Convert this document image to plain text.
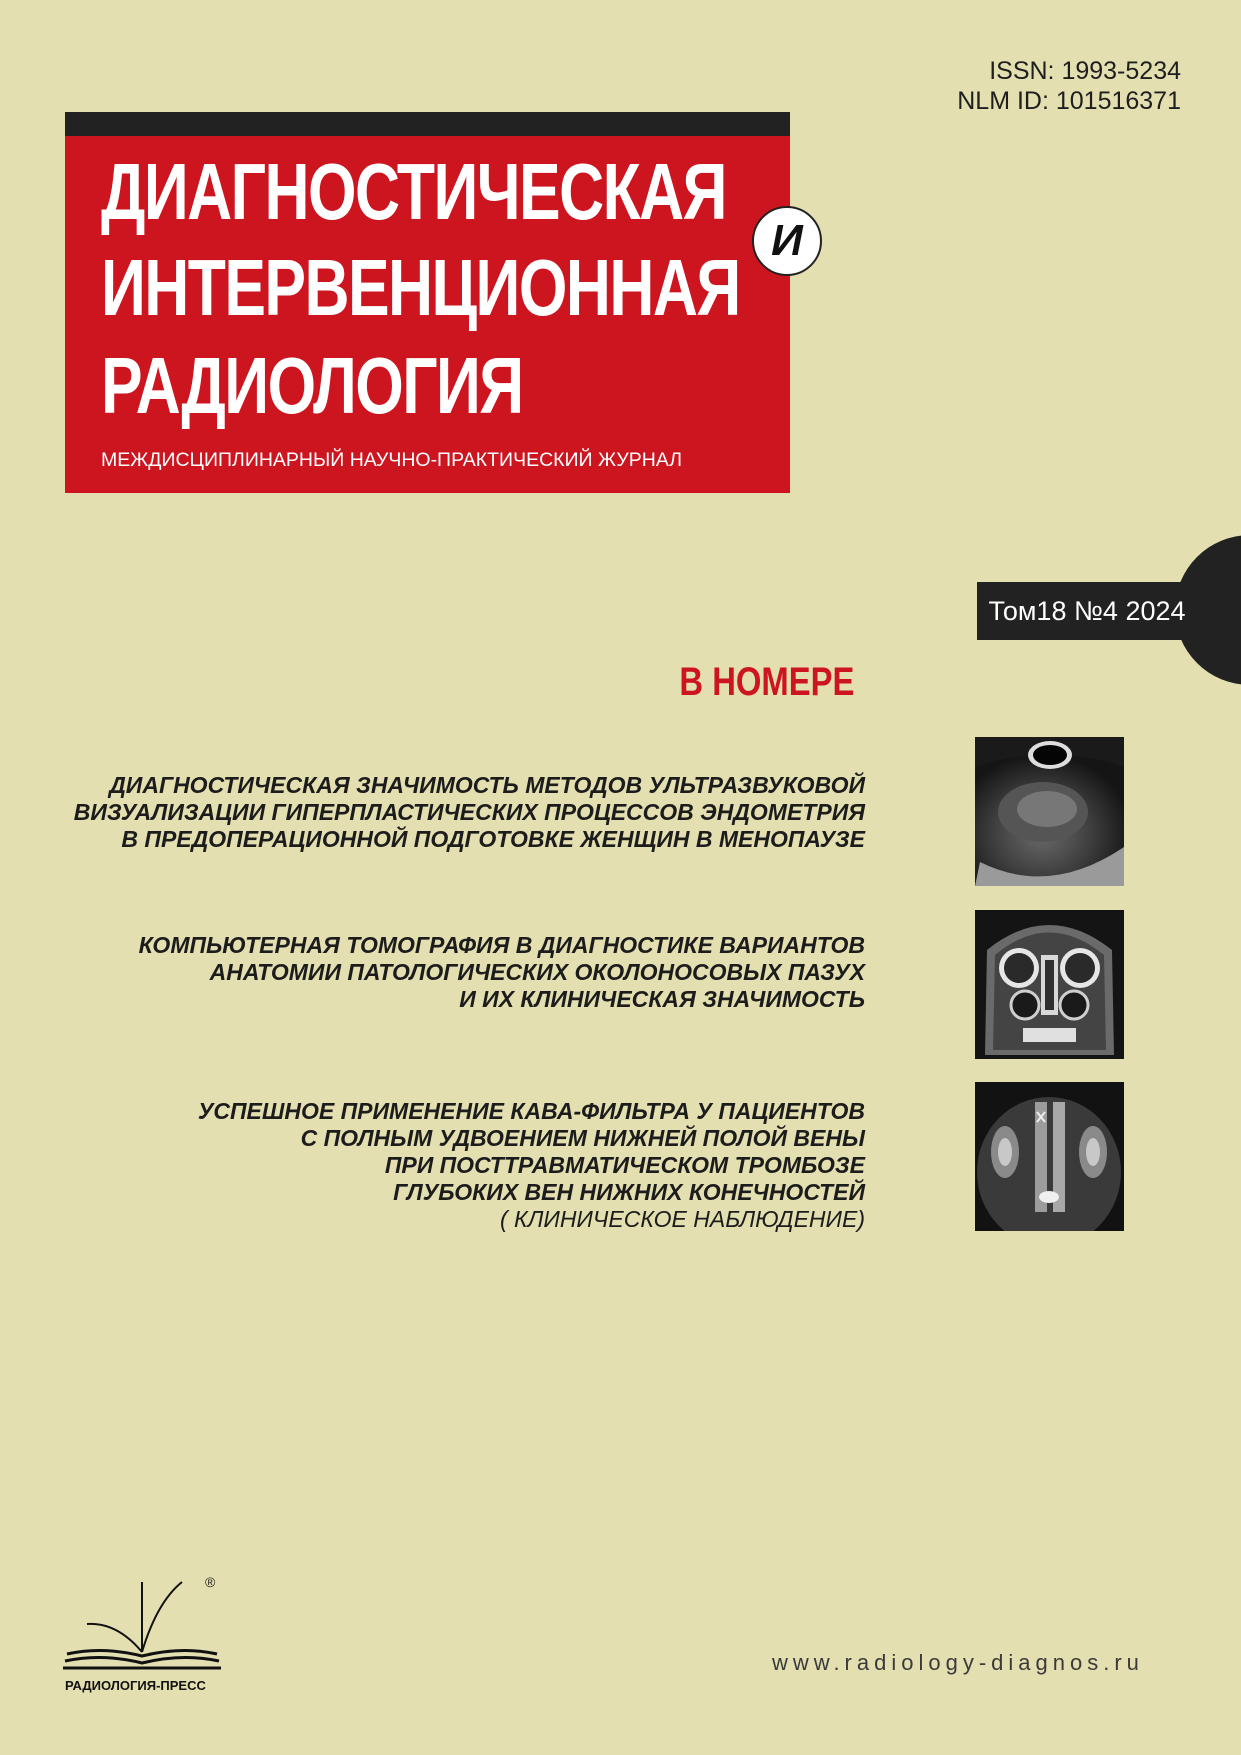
ISSN: 1993-5234
NLM ID: 101516371
ДИАГНОСТИЧЕСКАЯ
ИНТЕРВЕНЦИОННАЯ
РАДИОЛОГИЯ
МЕЖДИСЦИПЛИНАРНЫЙ НАУЧНО-ПРАКТИЧЕСКИЙ ЖУРНАЛ
И
Том18 №4 2024
В НОМЕРЕ
ДИАГНОСТИЧЕСКАЯ ЗНАЧИМОСТЬ МЕТОДОВ УЛЬТРАЗВУКОВОЙ
ВИЗУАЛИЗАЦИИ ГИПЕРПЛАСТИЧЕСКИХ ПРОЦЕССОВ ЭНДОМЕТРИЯ
В ПРЕДОПЕРАЦИОННОЙ ПОДГОТОВКЕ ЖЕНЩИН В МЕНОПАУЗЕ
КОМПЬЮТЕРНАЯ ТОМОГРАФИЯ В ДИАГНОСТИКЕ ВАРИАНТОВ
АНАТОМИИ ПАТОЛОГИЧЕСКИХ ОКОЛОНОСОВЫХ ПАЗУХ
И ИХ КЛИНИЧЕСКАЯ ЗНАЧИМОСТЬ
УСПЕШНОЕ ПРИМЕНЕНИЕ КАВА-ФИЛЬТРА У ПАЦИЕНТОВ
С ПОЛНЫМ УДВОЕНИЕМ НИЖНЕЙ ПОЛОЙ ВЕНЫ
ПРИ ПОСТТРАВМАТИЧЕСКОМ ТРОМБОЗЕ
ГЛУБОКИХ ВЕН НИЖНИХ КОНЕЧНОСТЕЙ
( КЛИНИЧЕСКОЕ НАБЛЮДЕНИЕ)
®
РАДИОЛОГИЯ-ПРЕСС
www.radiology-diagnos.ru
